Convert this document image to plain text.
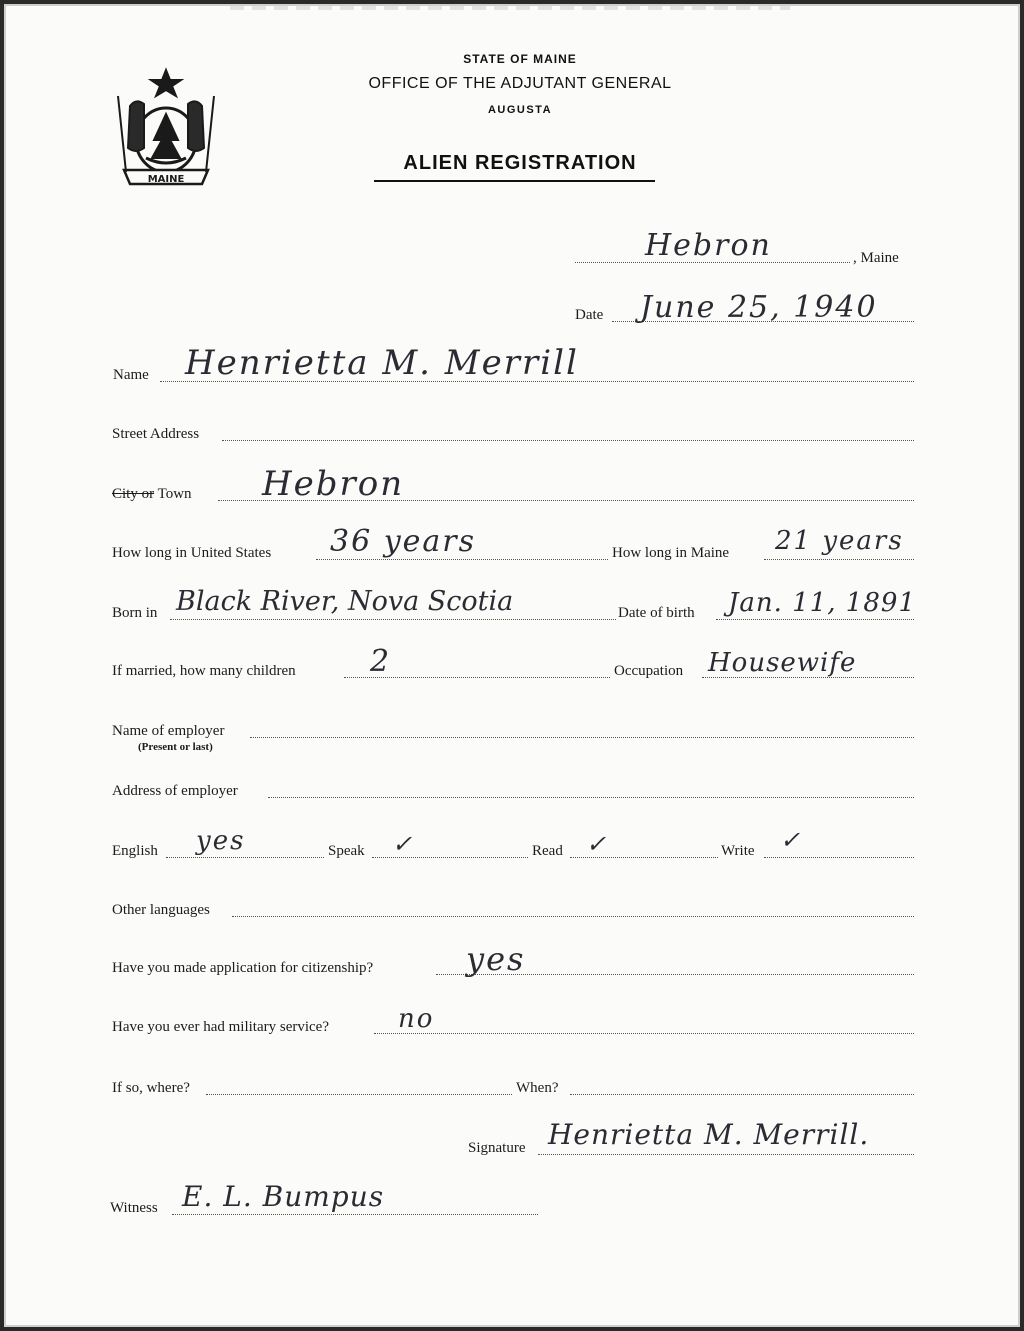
MAINE
STATE OF MAINE
OFFICE OF THE ADJUTANT GENERAL
AUGUSTA
ALIEN REGISTRATION
Hebron	, Maine
Date June 25, 1940
Name Henrietta M. Merrill
Street Address
City or Town Hebron
How long in United States 36 years	How long in Maine 21 years
Born in Black River, Nova Scotia	Date of birth Jan. 11, 1891
If married, how many children 2	Occupation Housewife
Name of employer
(Present or last)
Address of employer
English yes	Speak ✓	Read ✓	Write ✓
Other languages
Have you made application for citizenship?	yes
Have you ever had military service?	no
If so, where?	When?
Signature Henrietta M. Merrill.
Witness E. L. Bumpus
